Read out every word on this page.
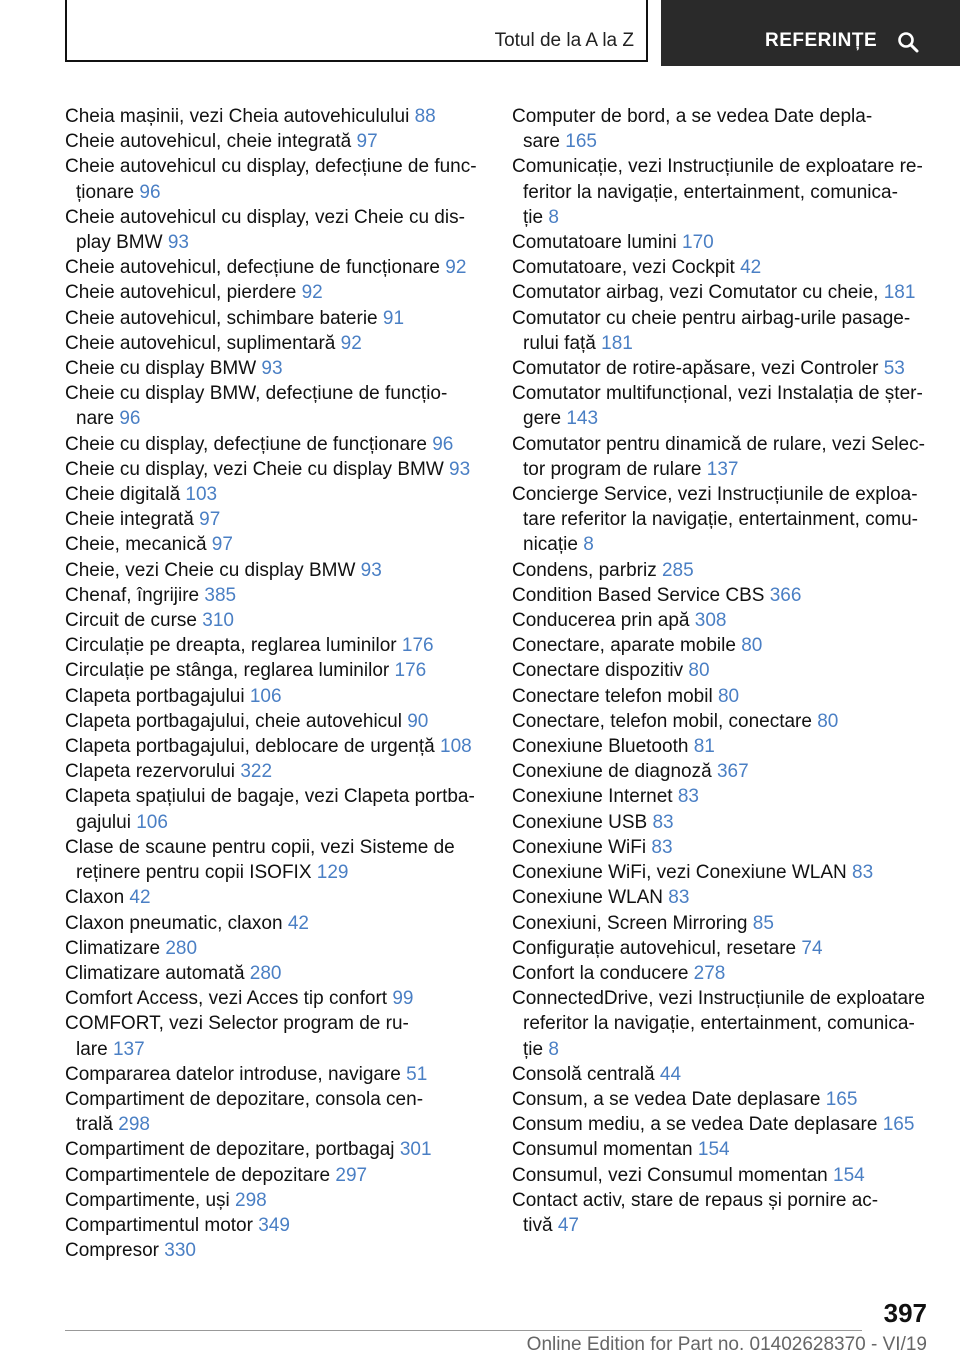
Totul de la A la Z	REFERINȚE
Cheia mașinii, vezi Cheia autovehiculului 88
Cheie autovehicul, cheie integrată 97
Cheie autovehicul cu display, defecțiune de func-
ționare 96
Cheie autovehicul cu display, vezi Cheie cu dis-
play BMW 93
Cheie autovehicul, defecțiune de funcționare 92
Cheie autovehicul, pierdere 92
Cheie autovehicul, schimbare baterie 91
Cheie autovehicul, suplimentară 92
Cheie cu display BMW 93
Cheie cu display BMW, defecțiune de funcțio-
nare 96
Cheie cu display, defecțiune de funcționare 96
Cheie cu display, vezi Cheie cu display BMW 93
Cheie digitală 103
Cheie integrată 97
Cheie, mecanică 97
Cheie, vezi Cheie cu display BMW 93
Chenaf, îngrijire 385
Circuit de curse 310
Circulație pe dreapta, reglarea luminilor 176
Circulație pe stânga, reglarea luminilor 176
Clapeta portbagajului 106
Clapeta portbagajului, cheie autovehicul 90
Clapeta portbagajului, deblocare de urgență 108
Clapeta rezervorului 322
Clapeta spațiului de bagaje, vezi Clapeta portba-
gajului 106
Clase de scaune pentru copii, vezi Sisteme de
reținere pentru copii ISOFIX 129
Claxon 42
Claxon pneumatic, claxon 42
Climatizare 280
Climatizare automată 280
Comfort Access, vezi Acces tip confort 99
COMFORT, vezi Selector program de ru-
lare 137
Compararea datelor introduse, navigare 51
Compartiment de depozitare, consola cen-
trală 298
Compartiment de depozitare, portbagaj 301
Compartimentele de depozitare 297
Compartimente, uși 298
Compartimentul motor 349
Compresor 330
Computer de bord, a se vedea Date depla-
sare 165
Comunicație, vezi Instrucțiunile de exploatare re-
feritor la navigație, entertainment, comunica-
ție 8
Comutatoare lumini 170
Comutatoare, vezi Cockpit 42
Comutator airbag, vezi Comutator cu cheie, 181
Comutator cu cheie pentru airbag-urile pasage-
rului față 181
Comutator de rotire-apăsare, vezi Controler 53
Comutator multifuncțional, vezi Instalația de șter-
gere 143
Comutator pentru dinamică de rulare, vezi Selec-
tor program de rulare 137
Concierge Service, vezi Instrucțiunile de exploa-
tare referitor la navigație, entertainment, comu-
nicație 8
Condens, parbriz 285
Condition Based Service CBS 366
Conducerea prin apă 308
Conectare, aparate mobile 80
Conectare dispozitiv 80
Conectare telefon mobil 80
Conectare, telefon mobil, conectare 80
Conexiune Bluetooth 81
Conexiune de diagnoză 367
Conexiune Internet 83
Conexiune USB 83
Conexiune WiFi 83
Conexiune WiFi, vezi Conexiune WLAN 83
Conexiune WLAN 83
Conexiuni, Screen Mirroring 85
Configurație autovehicul, resetare 74
Confort la conducere 278
ConnectedDrive, vezi Instrucțiunile de exploatare
referitor la navigație, entertainment, comunica-
ție 8
Consolă centrală 44
Consum, a se vedea Date deplasare 165
Consum mediu, a se vedea Date deplasare 165
Consumul momentan 154
Consumul, vezi Consumul momentan 154
Contact activ, stare de repaus și pornire ac-
tivă 47
397
Online Edition for Part no. 01402628370 - VI/19
